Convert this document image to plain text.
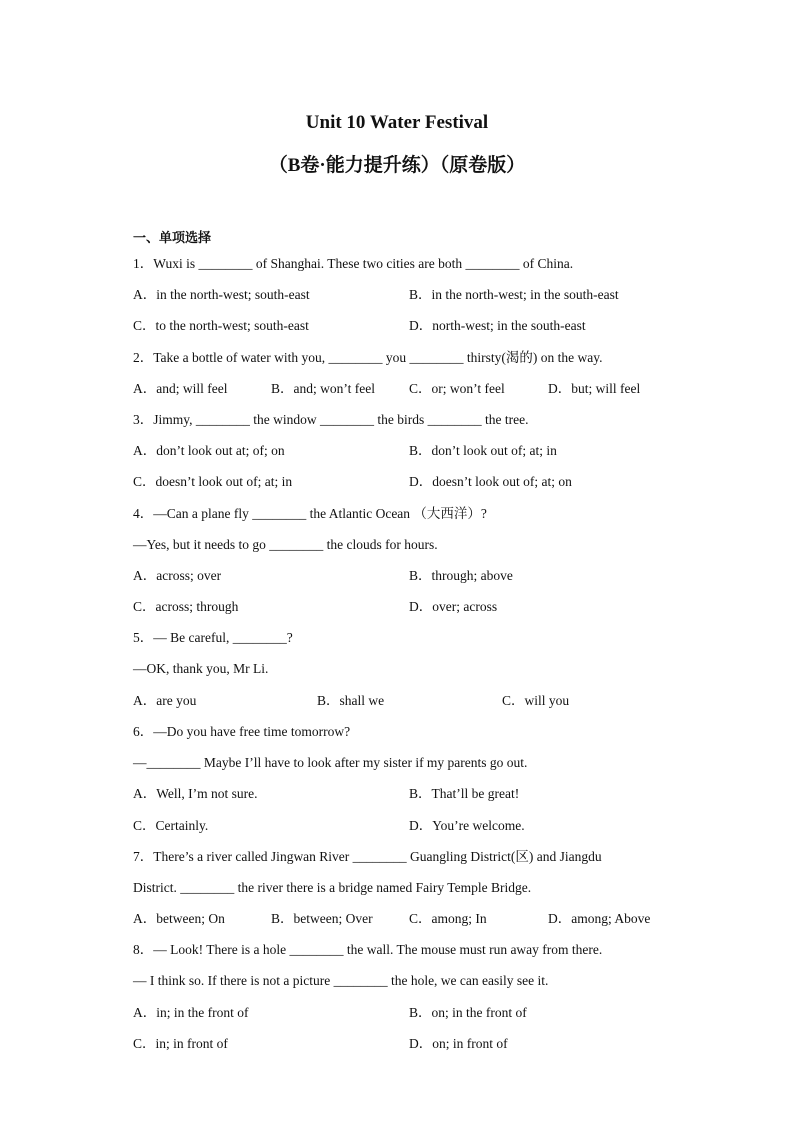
Unit 10 Water Festival
（B卷·能力提升练）（原卷版）
一、单项选择
1．Wuxi is ________ of Shanghai. These two cities are both ________ of China.
A．in the north-west; south-east	B．in the north-west; in the south-east
C．to the north-west; south-east	D．north-west; in the south-east
2．Take a bottle of water with you, ________ you ________ thirsty(渴的) on the way.
A．and; will feel	B．and; won’t feel	C．or; won’t feel	D．but; will feel
3．Jimmy, ________ the window ________ the birds ________ the tree.
A．don’t look out at; of; on	B．don’t look out of; at; in
C．doesn’t look out of; at; in	D．doesn’t look out of; at; on
4．—Can a plane fly ________ the Atlantic Ocean （大西洋）?
—Yes, but it needs to go ________ the clouds for hours.
A．across; over	B．through; above
C．across; through	D．over; across
5．— Be careful, ________?
—OK, thank you, Mr Li.
A．are you	B．shall we	C．will you
6．—Do you have free time tomorrow?
—________ Maybe I’ll have to look after my sister if my parents go out.
A．Well, I’m not sure.	B．That’ll be great!
C．Certainly.	D．You’re welcome.
7．There’s a river called Jingwan River ________ Guangling District(区) and Jiangdu
District. ________ the river there is a bridge named Fairy Temple Bridge.
A．between; On	B．between; Over	C．among; In	D．among; Above
8．— Look! There is a hole ________ the wall. The mouse must run away from there.
— I think so. If there is not a picture ________ the hole, we can easily see it.
A．in; in the front of	B．on; in the front of
C．in; in front of	D．on; in front of
